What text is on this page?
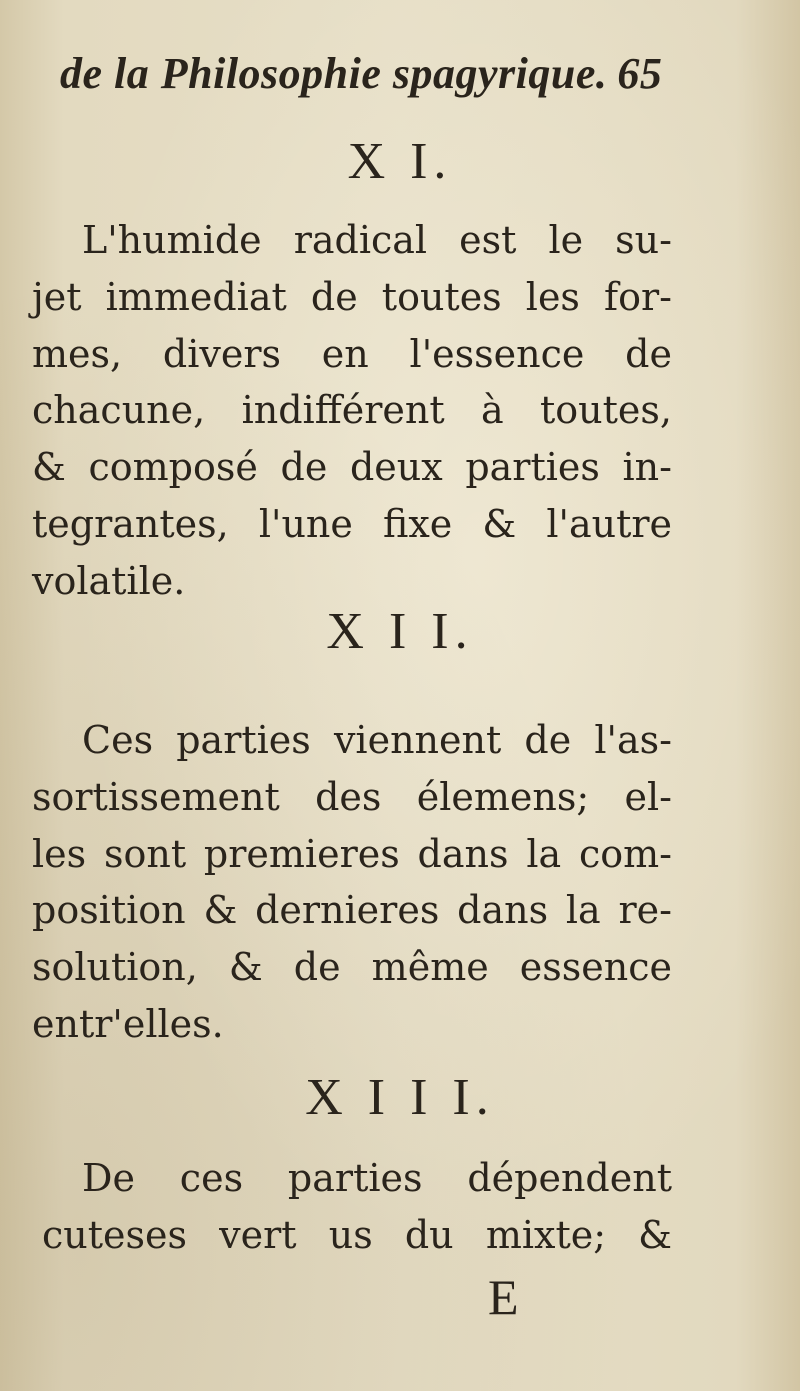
de la Philosophie spagyrique. 65
X I.
L'humide radical est le su-
jet immediat de toutes les for-
mes, divers en l'essence de
chacune, indifférent à toutes,
& composé de deux parties in-
tegrantes, l'une fixe & l'autre
volatile.
X I I.
Ces parties viennent de l'as-
sortissement des élemens; el-
les sont premieres dans la com-
position & dernieres dans la re-
solution, & de même essence
entr'elles.
X I I I.
De ces parties dépendent
cuteses vert us du mixte; &
E
